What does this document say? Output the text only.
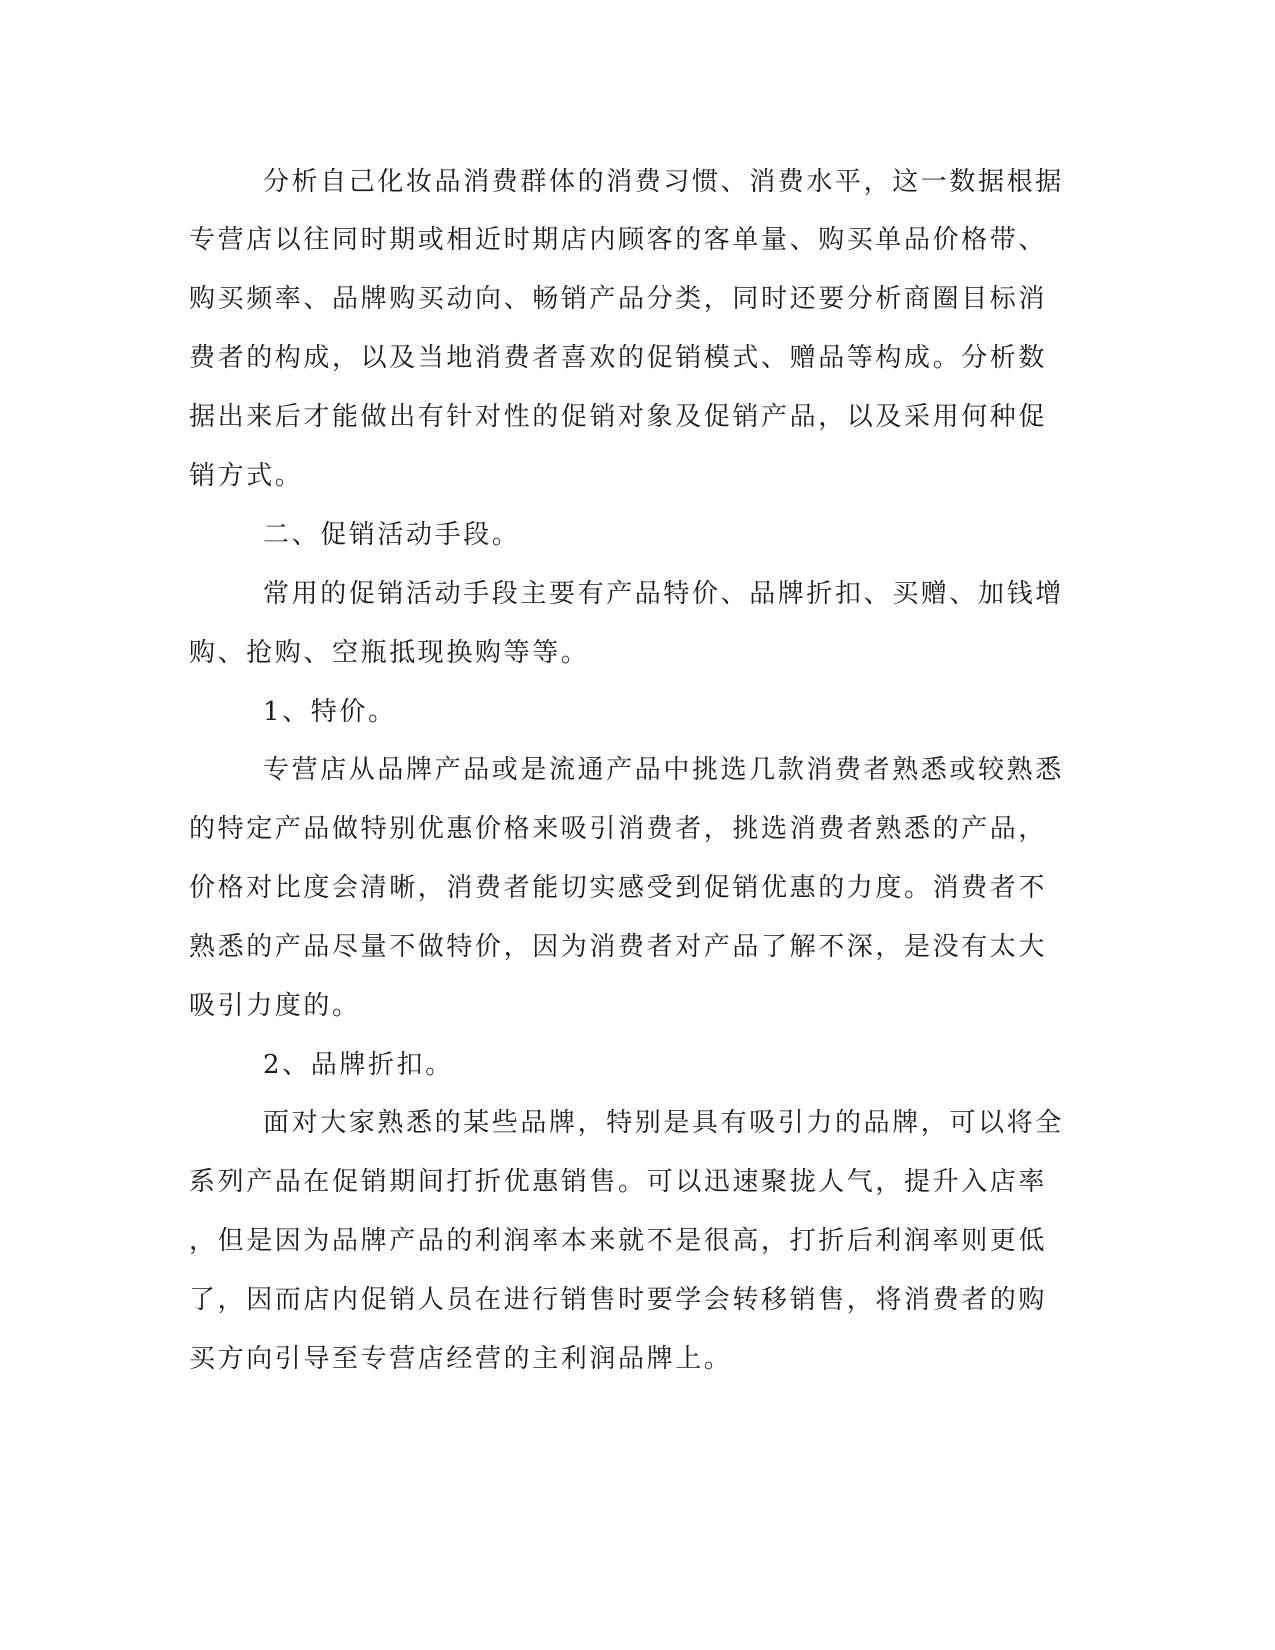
分析自己化妆品消费群体的消费习惯、消费水平，这一数据根据

专营店以往同时期或相近时期店内顾客的客单量、购买单品价格带、

购买频率、品牌购买动向、畅销产品分类，同时还要分析商圈目标消

费者的构成，以及当地消费者喜欢的促销模式、赠品等构成。分析数

据出来后才能做出有针对性的促销对象及促销产品，以及采用何种促

销方式。

二、促销活动手段。

常用的促销活动手段主要有产品特价、品牌折扣、买赠、加钱增

购、抢购、空瓶抵现换购等等。

1、特价。

专营店从品牌产品或是流通产品中挑选几款消费者熟悉或较熟悉

的特定产品做特别优惠价格来吸引消费者，挑选消费者熟悉的产品，

价格对比度会清晰，消费者能切实感受到促销优惠的力度。消费者不

熟悉的产品尽量不做特价，因为消费者对产品了解不深，是没有太大

吸引力度的。

2、品牌折扣。

面对大家熟悉的某些品牌，特别是具有吸引力的品牌，可以将全

系列产品在促销期间打折优惠销售。可以迅速聚拢人气，提升入店率

，但是因为品牌产品的利润率本来就不是很高，打折后利润率则更低

了，因而店内促销人员在进行销售时要学会转移销售，将消费者的购

买方向引导至专营店经营的主利润品牌上。
